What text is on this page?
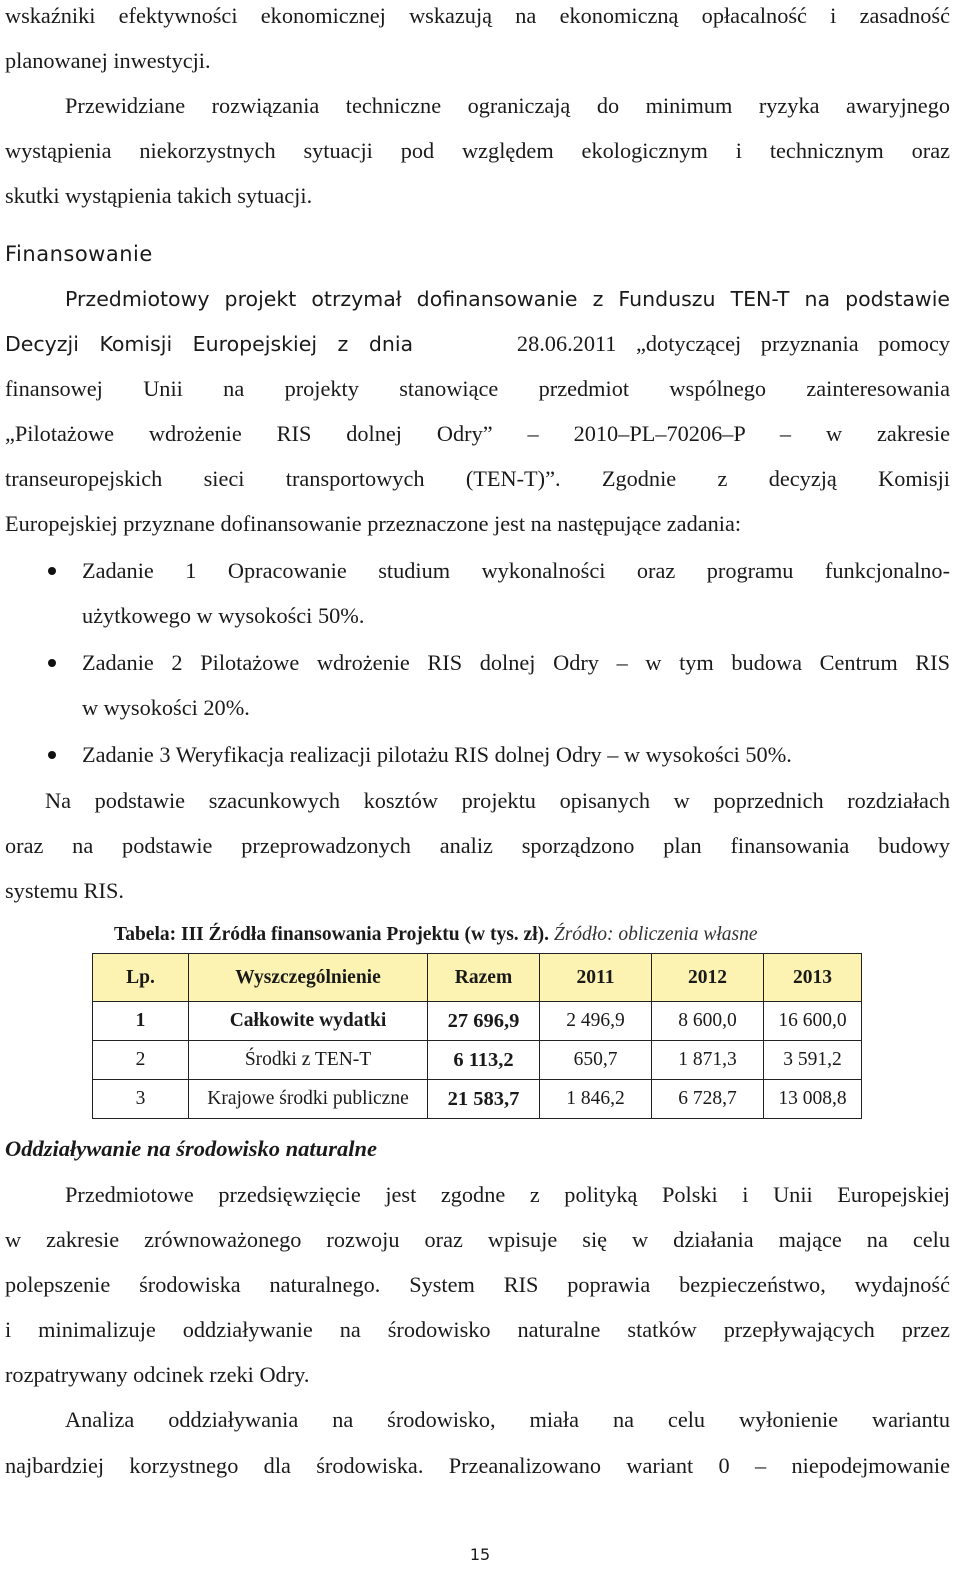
wskaźniki efektywności ekonomicznej wskazują na ekonomiczną opłacalność i zasadność
planowanej inwestycji.
Przewidziane rozwiązania techniczne ograniczają do minimum ryzyka awaryjnego
wystąpienia niekorzystnych sytuacji pod względem ekologicznym i technicznym oraz
skutki wystąpienia takich sytuacji.
Finansowanie
Przedmiotowy projekt otrzymał dofinansowanie z Funduszu TEN-T na podstawie
Decyzji Komisji Europejskiej z dnia	28.06.2011 „dotyczącej przyznania pomocy
finansowej Unii na projekty stanowiące przedmiot wspólnego zainteresowania
„Pilotażowe wdrożenie RIS dolnej Odry” – 2010–PL–70206–P – w zakresie
transeuropejskich sieci transportowych (TEN-T)”. Zgodnie z decyzją Komisji
Europejskiej przyznane dofinansowanie przeznaczone jest na następujące zadania:
Zadanie 1 Opracowanie studium wykonalności oraz programu funkcjonalno-
użytkowego w wysokości 50%.
Zadanie 2 Pilotażowe wdrożenie RIS dolnej Odry – w tym budowa Centrum RIS
w wysokości 20%.
Zadanie 3 Weryfikacja realizacji pilotażu RIS dolnej Odry – w wysokości 50%.
Na podstawie szacunkowych kosztów projektu opisanych w poprzednich rozdziałach
oraz na podstawie przeprowadzonych analiz sporządzono plan finansowania budowy
systemu RIS.
Tabela: III Źródła finansowania Projektu (w tys. zł). Źródło: obliczenia własne
Lp.	Wyszczególnienie	Razem	2011	2012	2013
1	Całkowite wydatki	27 696,9	2 496,9	8 600,0	16 600,0
2	Środki z TEN-T	6 113,2	650,7	1 871,3	3 591,2
3	Krajowe środki publiczne	21 583,7	1 846,2	6 728,7	13 008,8
Oddziaływanie na środowisko naturalne
Przedmiotowe przedsięwzięcie jest zgodne z polityką Polski i Unii Europejskiej
w zakresie zrównoważonego rozwoju oraz wpisuje się w działania mające na celu
polepszenie środowiska naturalnego. System RIS poprawia bezpieczeństwo, wydajność
i minimalizuje oddziaływanie na środowisko naturalne statków przepływających przez
rozpatrywany odcinek rzeki Odry.
Analiza oddziaływania na środowisko, miała na celu wyłonienie wariantu
najbardziej korzystnego dla środowiska. Przeanalizowano wariant 0 – niepodejmowanie
15
